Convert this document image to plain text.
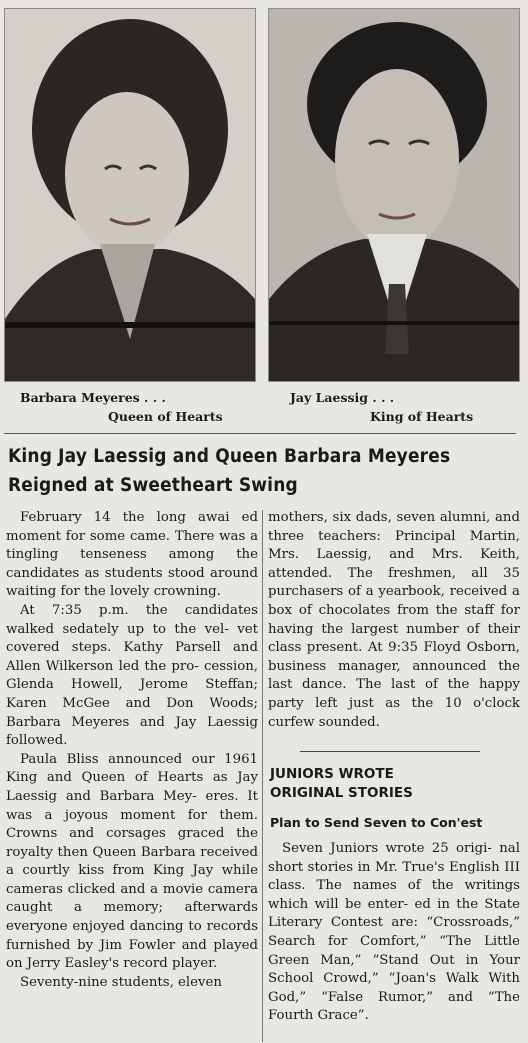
Barbara Meyeres . . .
Queen of Hearts
Jay Laessig . . .
King of Hearts
King Jay Laessig and Queen Barbara Meyeres
Reigned at Sweetheart Swing

February 14 the long awai ed moment for some came. There was a tingling tenseness among the candidates as students stood around waiting for the lovely crowning.

At 7:35 p.m. the candidates walked sedately up to the vel- vet covered steps. Kathy Parsell and Allen Wilkerson led the pro- cession, Glenda Howell, Jerome Steffan; Karen McGee and Don Woods; Barbara Meyeres and Jay Laessig followed.

Paula Bliss announced our 1961 King and Queen of Hearts as Jay Laessig and Barbara Mey- eres. It was a joyous moment for them. Crowns and corsages graced the royalty then Queen Barbara received a courtly kiss from King Jay while cameras clicked and a movie camera caught a memory; afterwards everyone enjoyed dancing to records furnished by Jim Fowler and played on Jerry Easley's record player.

Seventy-nine students, eleven

mothers, six dads, seven alumni, and three teachers: Principal Martin, Mrs. Laessig, and Mrs. Keith, attended. The freshmen, all 35 purchasers of a yearbook, received a box of chocolates from the staff for having the largest number of their class present. At 9:35 Floyd Osborn, business manager, announced the last dance. The last of the happy party left just as the 10 o'clock curfew sounded.

JUNIORS WROTE
ORIGINAL STORIES
Plan to Send Seven to Con'est

Seven Juniors wrote 25 origi- nal short stories in Mr. True's English III class. The names of the writings which will be enter- ed in the State Literary Contest are: “Crossroads,” Search for Comfort,” “The Little Green Man,” “Stand Out in Your School Crowd,” “Joan's Walk With God,” “False Rumor,” and “The Fourth Grace”.
